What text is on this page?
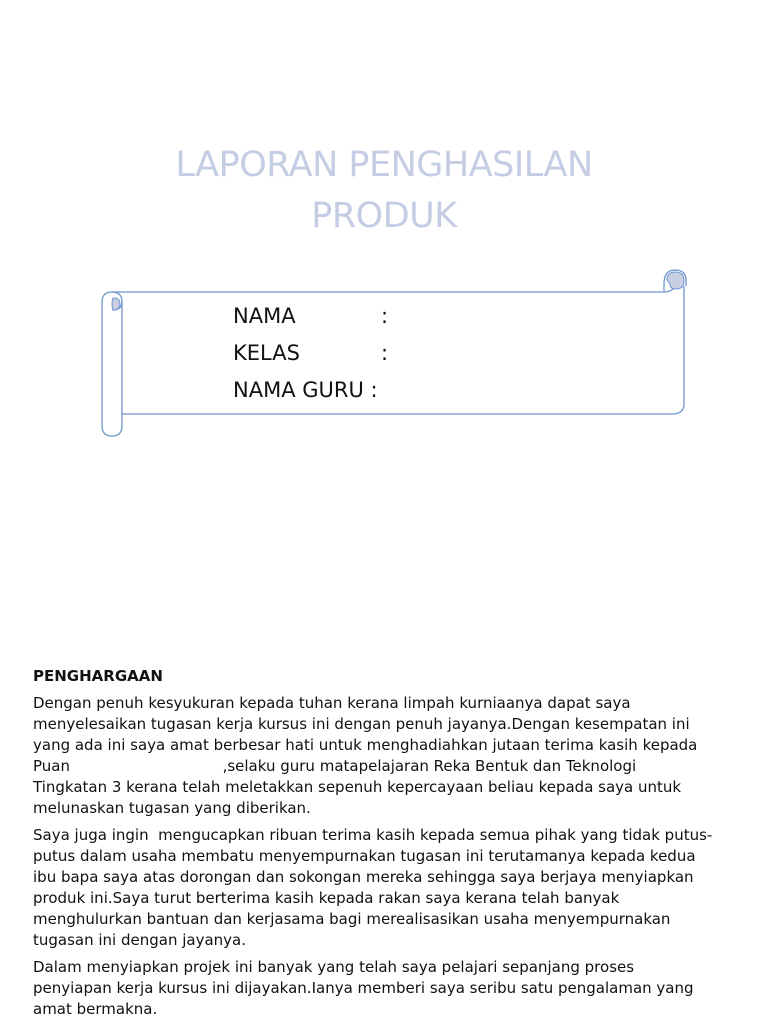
LAPORAN PENGHASILAN
PRODUK
NAMA	:
KELAS	:
NAMA GURU
:
PENGHARGAAN
Dengan penuh kesyukuran kepada tuhan kerana limpah kurniaanya dapat saya
menyelesaikan tugasan kerja kursus ini dengan penuh jayanya.Dengan kesempatan ini
yang ada ini saya amat berbesar hati untuk menghadiahkan jutaan terima kasih kepada
Puan                                ,selaku guru matapelajaran Reka Bentuk dan Teknologi
Tingkatan 3 kerana telah meletakkan sepenuh kepercayaan beliau kepada saya untuk
melunaskan tugasan yang diberikan.
Saya juga ingin  mengucapkan ribuan terima kasih kepada semua pihak yang tidak putus-
putus dalam usaha membatu menyempurnakan tugasan ini terutamanya kepada kedua
ibu bapa saya atas dorongan dan sokongan mereka sehingga saya berjaya menyiapkan
produk ini.Saya turut berterima kasih kepada rakan saya kerana telah banyak
menghulurkan bantuan dan kerjasama bagi merealisasikan usaha menyempurnakan
tugasan ini dengan jayanya.
Dalam menyiapkan projek ini banyak yang telah saya pelajari sepanjang proses
penyiapan kerja kursus ini dijayakan.Ianya memberi saya seribu satu pengalaman yang
amat bermakna.
